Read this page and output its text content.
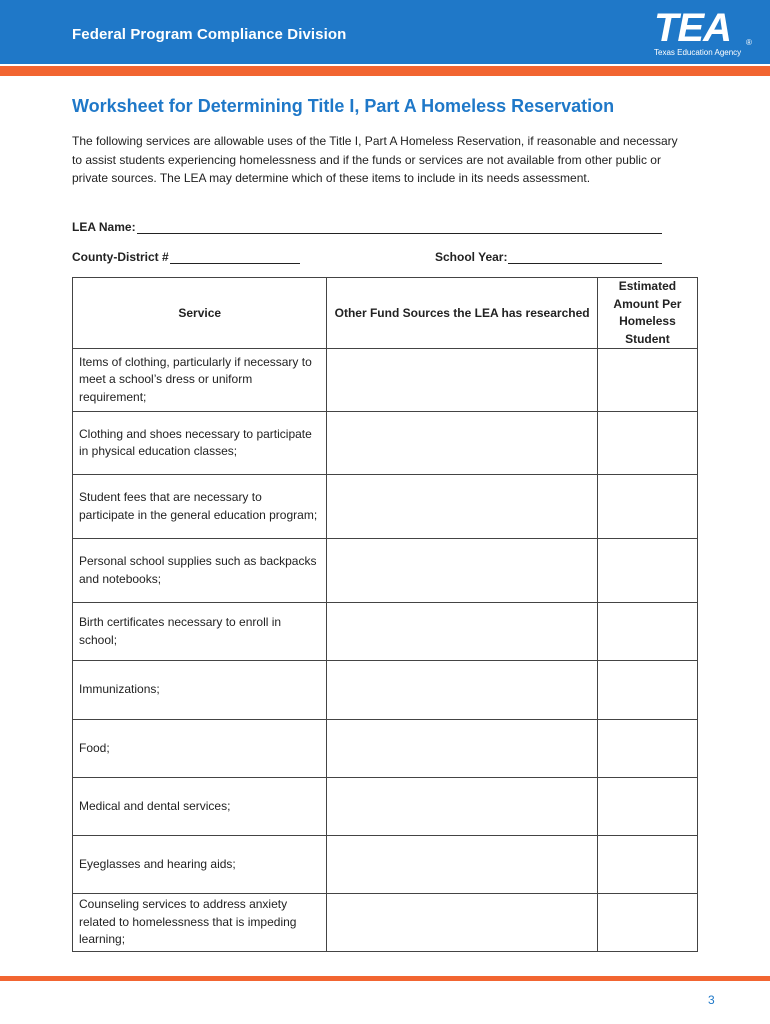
Federal Program Compliance Division	TEA ®
Texas Education Agency
Worksheet for Determining Title I, Part A Homeless Reservation
The following services are allowable uses of the Title I, Part A Homeless Reservation, if reasonable and necessary to assist students experiencing homelessness and if the funds or services are not available from other public or private sources. The LEA may determine which of these items to include in its needs assessment.
LEA Name:
County-District #	School Year:
Service	Other Fund Sources the LEA has researched	Estimated Amount Per Homeless Student
Items of clothing, particularly if necessary to meet a school’s dress or uniform requirement;		
Clothing and shoes necessary to participate in physical education classes;		
Student fees that are necessary to participate in the general education program;		
Personal school supplies such as backpacks and notebooks;		
Birth certificates necessary to enroll in school;		
Immunizations;		
Food;		
Medical and dental services;		
Eyeglasses and hearing aids;		
Counseling services to address anxiety related to homelessness that is impeding learning;		
3
